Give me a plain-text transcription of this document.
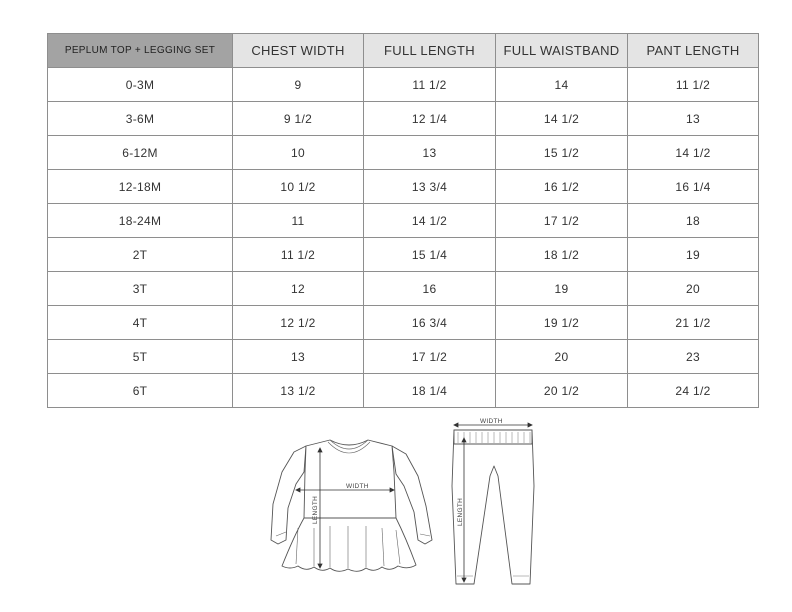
PEPLUM TOP + LEGGING SET	CHEST WIDTH	FULL LENGTH	FULL WAISTBAND	PANT LENGTH
0-3M	9	11 1/2	14	11 1/2
3-6M	9 1/2	12 1/4	14 1/2	13
6-12M	10	13	15 1/2	14 1/2
12-18M	10 1/2	13 3/4	16 1/2	16 1/4
18-24M	11	14 1/2	17 1/2	18
2T	11 1/2	15 1/4	18 1/2	19
3T	12	16	19	20
4T	12 1/2	16 3/4	19 1/2	21 1/2
5T	13	17 1/2	20	23
6T	13 1/2	18 1/4	20 1/2	24 1/2
WIDTH
LENGTH
WIDTH
LENGTH
